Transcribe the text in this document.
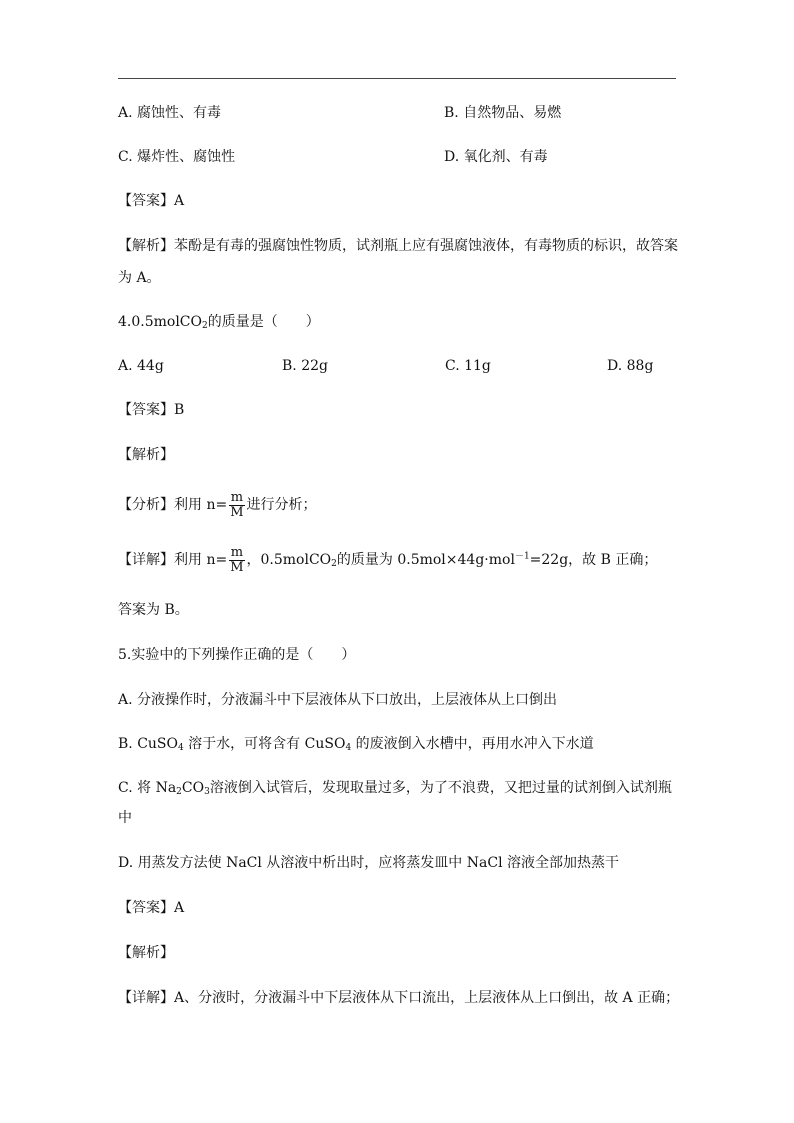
A. 腐蚀性、有毒	B. 自然物品、易燃
C. 爆炸性、腐蚀性	D. 氧化剂、有毒
【答案】A
【解析】苯酚是有毒的强腐蚀性物质，试剂瓶上应有强腐蚀液体，有毒物质的标识，故答案
为 A。
4.0.5molCO$_2$的质量是（　　）
A. 44g	B. 22g	C. 11g	D. 88g
【答案】B
【解析】
【分析】利用 $n= \frac{m}{M}$ 进行分析；
【详解】利用 $n= \frac{m}{M}$ ，0.5molCO$_2$的质量为 0.5mol×44g·mol$^{-1}$=22g，故 B 正确；
答案为 B。
5.实验中的下列操作正确的是（　　）
A. 分液操作时，分液漏斗中下层液体从下口放出，上层液体从上口倒出
B. CuSO$_4$ 溶于水，可将含有 CuSO$_4$ 的废液倒入水槽中，再用水冲入下水道
C. 将 $Na_2CO_3$溶液倒入试管后，发现取量过多，为了不浪费，又把过量的试剂倒入试剂瓶
中
D. 用蒸发方法使 NaCl 从溶液中析出时，应将蒸发皿中 NaCl 溶液全部加热蒸干
【答案】A
【解析】
【详解】A、分液时，分液漏斗中下层液体从下口流出，上层液体从上口倒出，故 A 正确；
